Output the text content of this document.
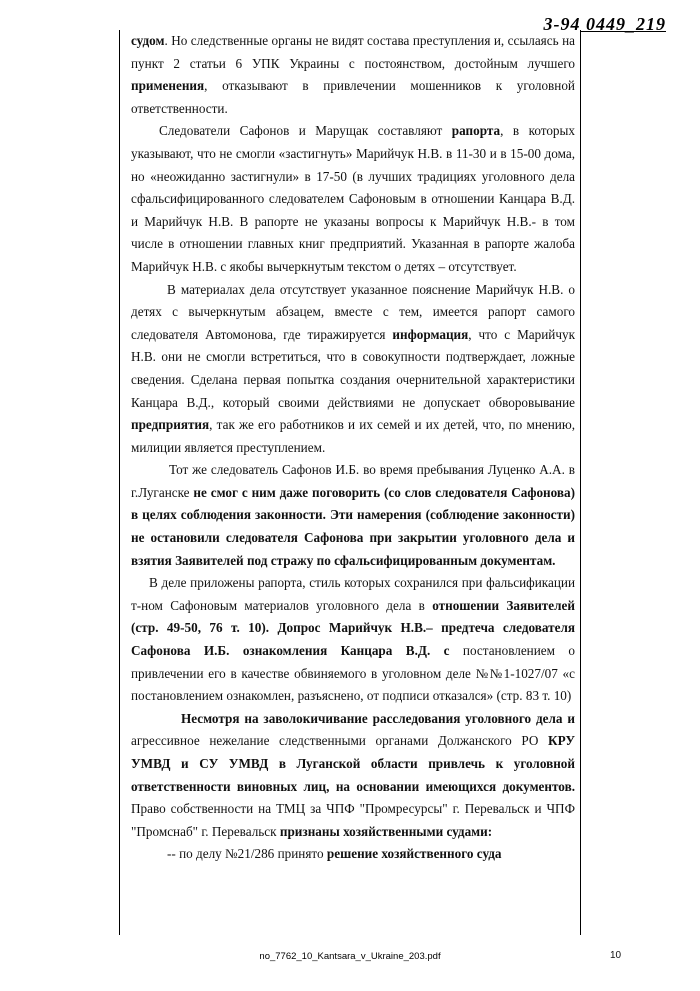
3-94 0449_219

судом. Но следственные органы не видят состава преступления и, ссылаясь на пункт 2 статьи 6 УПК Украины с постоянством, достойным лучшего применения, отказывают в привлечении мошенников к уголовной ответственности.

Следователи Сафонов и Марущак составляют рапорта, в которых указывают, что не смогли «застигнуть» Марийчук Н.В. в 11-30 и в 15-00 дома, но «неожиданно застигнули» в 17-50 (в лучших традициях уголовного дела сфальсифицированного следователем Сафоновым в отношении Канцара В.Д. и Марийчук Н.В. В рапорте не указаны вопросы к Марийчук Н.В.- в том числе в отношении главных книг предприятий. Указанная в рапорте жалоба Марийчук Н.В. с якобы вычеркнутым текстом о детях – отсутствует.

В материалах дела отсутствует указанное пояснение Марийчук Н.В. о детях с вычеркнутым абзацем, вместе с тем, имеется рапорт самого следователя Автомонова, где тиражируется информация, что с Марийчук Н.В. они не смогли встретиться, что в совокупности подтверждает, ложные сведения. Сделана первая попытка создания очернительной характеристики Канцара В.Д., который своими действиями не допускает обворовывание предприятия, так же его работников и их семей и их детей, что, по мнению, милиции является преступлением.

Тот же следователь Сафонов И.Б. во время пребывания Луценко А.А. в г.Луганске не смог с ним даже поговорить (со слов следователя Сафонова) в целях соблюдения законности. Эти намерения (соблюдение законности) не остановили следователя Сафонова при закрытии уголовного дела и взятия Заявителей под стражу по сфальсифицированным документам.

В деле приложены рапорта, стиль которых сохранился при фальсификации т-ном Сафоновым материалов уголовного дела в отношении Заявителей (стр. 49-50, 76 т. 10). Допрос Марийчук Н.В.– предтеча следователя Сафонова И.Б. ознакомления Канцара В.Д. с постановлением о привлечении его в качестве обвиняемого в уголовном деле №№1-1027/07 «с постановлением ознакомлен, разъяснено, от подписи отказался» (стр. 83 т. 10)

Несмотря на заволокичивание расследования уголовного дела и агрессивное нежелание следственными органами Должанского РО КРУ УМВД и СУ УМВД в Луганской области привлечь к уголовной ответственности виновных лиц, на основании имеющихся документов. Право собственности на ТМЦ за ЧПФ "Промресурсы" г. Перевальск и ЧПФ "Промснаб" г. Перевальск признаны хозяйственными судами:

-- по делу №21/286 принято решение хозяйственного суда

no_7762_10_Kantsara_v_Ukraine_203.pdf	10
